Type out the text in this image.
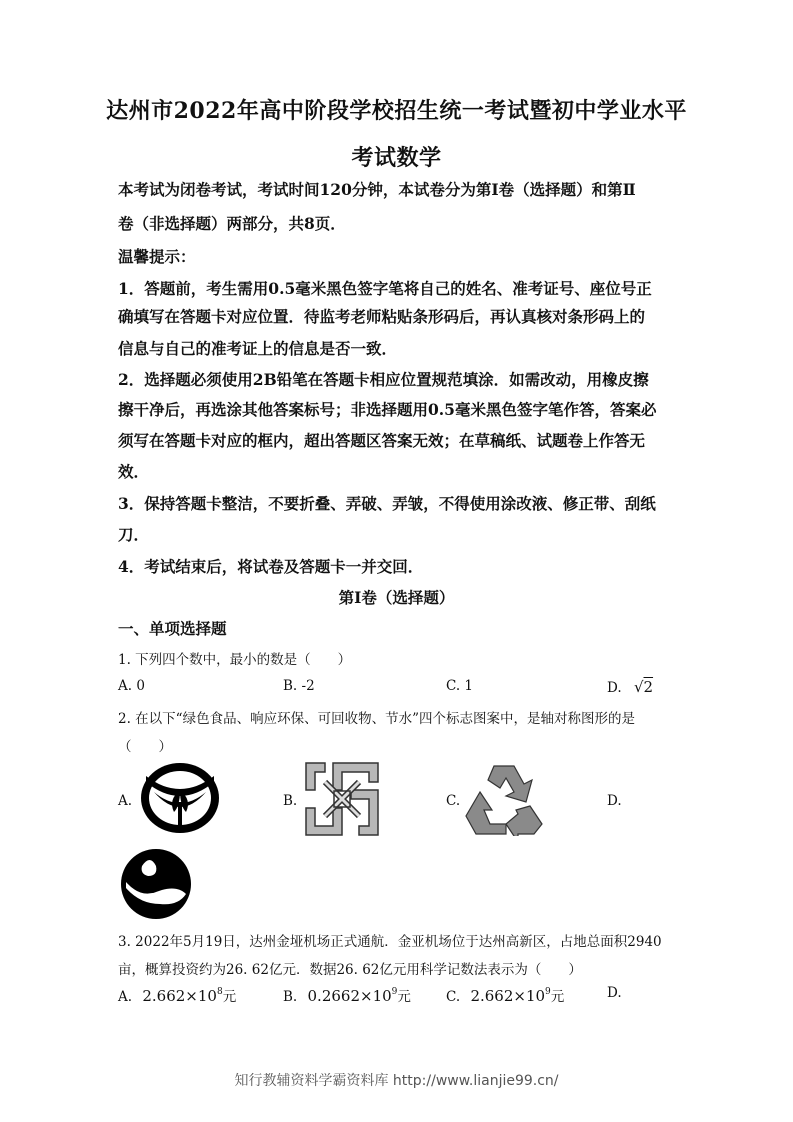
达州市2022年高中阶段学校招生统一考试暨初中学业水平
考试数学
本考试为闭卷考试，考试时间120分钟，本试卷分为第Ⅰ卷（选择题）和第Ⅱ
卷（非选择题）两部分，共8页．
温馨提示：
1．答题前，考生需用0.5毫米黑色签字笔将自己的姓名、准考证号、座位号正
确填写在答题卡对应位置．待监考老师粘贴条形码后，再认真核对条形码上的
信息与自己的准考证上的信息是否一致．
2．选择题必须使用2B铅笔在答题卡相应位置规范填涂．如需改动，用橡皮擦
擦干净后，再选涂其他答案标号；非选择题用0.5毫米黑色签字笔作答，答案必
须写在答题卡对应的框内，超出答题区答案无效；在草稿纸、试题卷上作答无
效．
3．保持答题卡整洁，不要折叠、弄破、弄皱，不得使用涂改液、修正带、刮纸
刀．
4．考试结束后，将试卷及答题卡一并交回．
第Ⅰ卷（选择题）
一、单项选择题
1. 下列四个数中，最小的数是（　　）
A. 0	B. -2	C. 1	D. √2
2. 在以下“绿色食品、响应环保、可回收物、节水”四个标志图案中，是轴对称图形的是
（　　）
A.	B.	C.	D.
3. 2022年5月19日，达州金垭机场正式通航．金亚机场位于达州高新区，占地总面积2940
亩，概算投资约为26. 62亿元．数据26. 62亿元用科学记数法表示为（　　）
A. $2.662\times 10^8$元	B. $0.2662\times 10^9$元	C. $2.662\times 10^9$元	D.
知行教辅资料学霸资料库 http://www.lianjie99.cn/
